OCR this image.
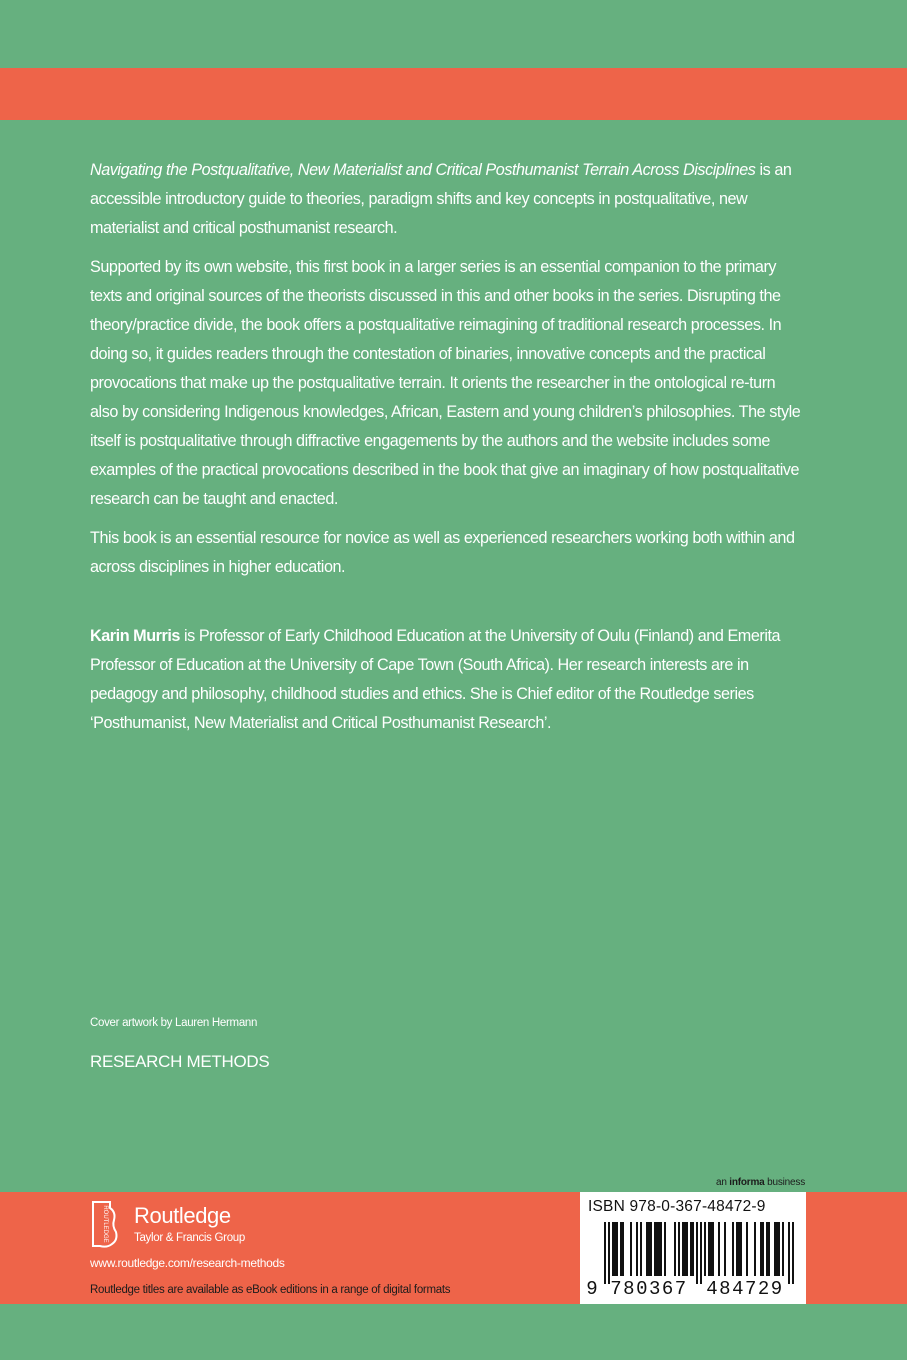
Navigating the Postqualitative, New Materialist and Critical Posthumanist Terrain Across Disciplines is an accessible introductory guide to theories, paradigm shifts and key concepts in postqualitative, new materialist and critical posthumanist research.

Supported by its own website, this first book in a larger series is an essential companion to the primary texts and original sources of the theorists discussed in this and other books in the series. Disrupting the theory/practice divide, the book offers a postqualitative reimagining of traditional research processes. In doing so, it guides readers through the contestation of binaries, innovative concepts and the practical provocations that make up the postqualitative terrain. It orients the researcher in the ontological re-turn also by considering Indigenous knowledges, African, Eastern and young children’s philosophies. The style itself is postqualitative through diffractive engagements by the authors and the website includes some examples of the practical provocations described in the book that give an imaginary of how postqualitative research can be taught and enacted.

This book is an essential resource for novice as well as experienced researchers working both within and across disciplines in higher education.

Karin Murris is Professor of Early Childhood Education at the University of Oulu (Finland) and Emerita Professor of Education at the University of Cape Town (South Africa). Her research interests are in pedagogy and philosophy, childhood studies and ethics. She is Chief editor of the Routledge series ‘Posthumanist, New Materialist and Critical Posthumanist Research’.

Cover artwork by Lauren Hermann
RESEARCH METHODS
an informa business
ROUTLEDGE Routledge
Taylor & Francis Group
www.routledge.com/research-methods
Routledge titles are available as eBook editions in a range of digital formats
ISBN 978-0-367-48472-9
9 780367 484729
